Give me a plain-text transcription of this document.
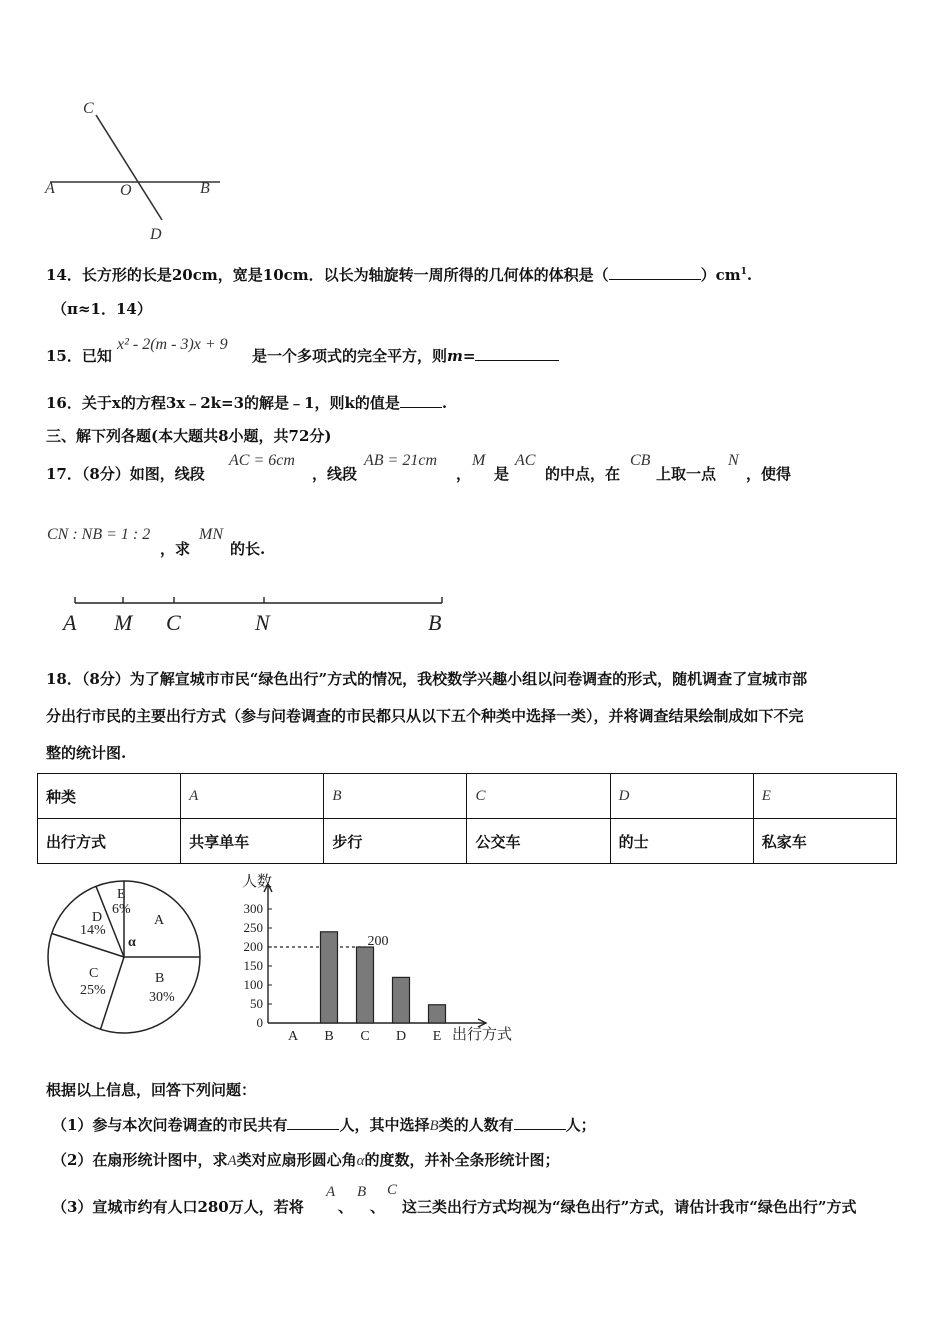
C
A	O	B
D
14．长方形的长是20cm，宽是10cm．以长为轴旋转一周所得的几何体的体积是（	）$cm^1$.
（π≈1．14）
15．已知
x² - 2(m - 3)x + 9
是一个多项式的完全平方，则m=
16．关于x的方程3x﹣2k=3的解是﹣1，则k的值是	.
三、解下列各题(本大题共8小题，共72分)
17．（8分）如图，线段
AC = 6cm
，线段
AB = 21cm
，
M
是
AC
的中点，在
CB
上取一点
N
，使得
CN : NB = 1 : 2
，求
MN
的长.
A M C	N	B
18．（8分）为了解宣城市市民“绿色出行”方式的情况，我校数学兴趣小组以问卷调查的形式，随机调查了宣城市部
分出行市民的主要出行方式（参与问卷调查的市民都只从以下五个种类中选择一类），并将调查结果绘制成如下不完
整的统计图.
种类	A	B	C	D	E
出行方式	共享单车	步行	公交车	的士	私家车
A
α
B
30%
C
25%
D
14%
E
6%
人数
出行方式
0
50
100
150
200
250
300
A B C
200
D E
根据以上信息，回答下列问题：
（1）参与本次问卷调查的市民共有	人，其中选择B类的人数有	人；
（2）在扇形统计图中，求A类对应扇形圆心角α的度数，并补全条形统计图；
（3）宣城市约有人口280万人，若将
A
、
B
、
C
这三类出行方式均视为“绿色出行”方式，请估计我市“绿色出行”方式
